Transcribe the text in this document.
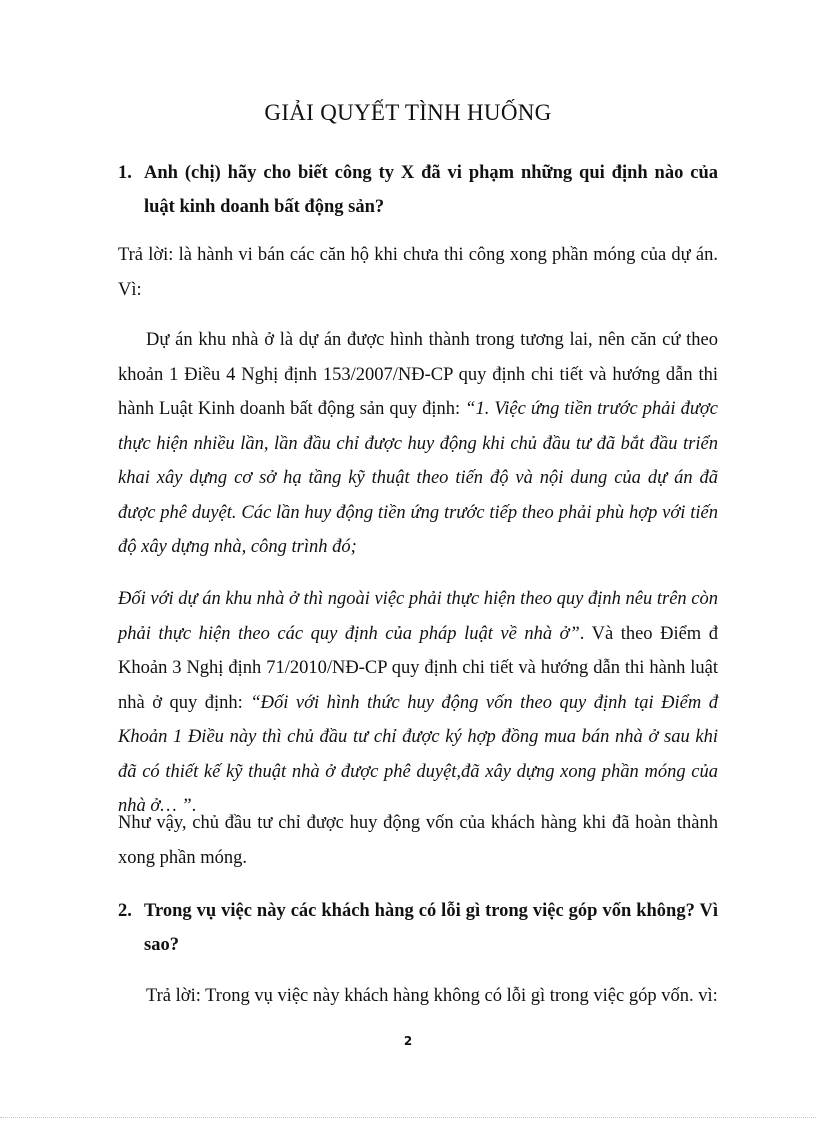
GIẢI QUYẾT TÌNH HUỐNG
1. Anh (chị) hãy cho biết công ty X đã vi phạm những qui định nào của luật kinh doanh bất động sản?
Trả lời: là hành vi bán các căn hộ khi chưa thi công xong phần móng của dự án. Vì:
Dự án khu nhà ở là dự án được hình thành trong tương lai, nên căn cứ theo khoản 1 Điều 4 Nghị định 153/2007/NĐ-CP quy định chi tiết và hướng dẫn thi hành Luật Kinh doanh bất động sản quy định: “1. Việc ứng tiền trước phải được thực hiện nhiều lần, lần đầu chỉ được huy động khi chủ đầu tư đã bắt đầu triển khai xây dựng cơ sở hạ tầng kỹ thuật theo tiến độ và nội dung của dự án đã được phê duyệt. Các lần huy động tiền ứng trước tiếp theo phải phù hợp với tiến độ xây dựng nhà, công trình đó;
Đối với dự án khu nhà ở thì ngoài việc phải thực hiện theo quy định nêu trên còn phải thực hiện theo các quy định của pháp luật về nhà ở”. Và theo Điểm đ Khoản 3 Nghị định 71/2010/NĐ-CP quy định chi tiết và hướng dẫn thi hành luật nhà ở quy định: “Đối với hình thức huy động vốn theo quy định tại Điểm đ Khoản 1 Điều này thì chủ đầu tư chỉ được ký hợp đồng mua bán nhà ở sau khi đã có thiết kế kỹ thuật nhà ở được phê duyệt,đã xây dựng xong phần móng của nhà ở… ”.
Như vậy, chủ đầu tư chỉ được huy động vốn của khách hàng khi đã hoàn thành xong phần móng.
2. Trong vụ việc này các khách hàng có lỗi gì trong việc góp vốn không? Vì sao?
Trả lời: Trong vụ việc này khách hàng không có lỗi gì trong việc góp vốn. vì:
2
